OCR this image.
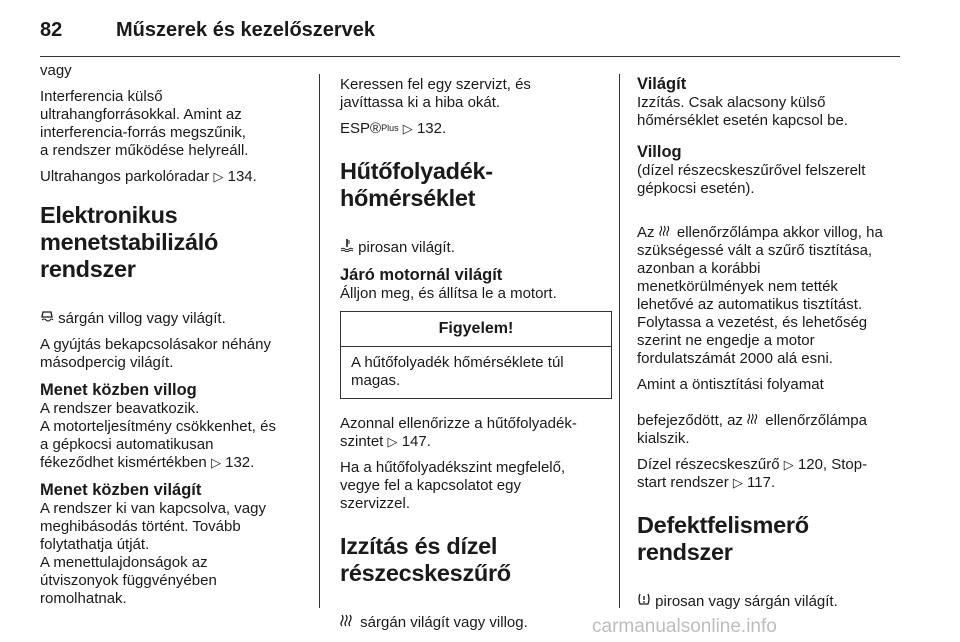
82	Műszerek és kezelőszervek

vagy

Interferencia külső
ultrahangforrásokkal. Amint az
interferencia-forrás megszűnik,
a rendszer működése helyreáll.

Ultrahangos parkolóradar ▷ 134.

Elektronikus
menetstabilizáló rendszer

sárgán villog vagy világít.

A gyújtás bekapcsolásakor néhány
másodpercig világít.

Menet közben villog

A rendszer beavatkozik.
A motorteljesítmény csökkenhet, és
a gépkocsi automatikusan
fékeződhet kismértékben ▷ 132.

Menet közben világít

A rendszer ki van kapcsolva, vagy
meghibásodás történt. Tovább
folytathatja útját.
A menettulajdonságok az
útviszonyok függvényében
romolhatnak.

Keressen fel egy szervizt, és
javíttassa ki a hiba okát.

ESP®$^{Plus}$ ▷ 132.

Hűtőfolyadék-hőmérséklet

pirosan világít.

Járó motornál világít

Álljon meg, és állítsa le a motort.

Figyelem!
A hűtőfolyadék hőmérséklete túl
magas.

Azonnal ellenőrizze a hűtőfolyadék-
szintet ▷ 147.

Ha a hűtőfolyadékszint megfelelő,
vegye fel a kapcsolatot egy
szervizzel.

Izzítás és dízel
részecskeszűrő

sárgán világít vagy villog.

Világít

Izzítás. Csak alacsony külső
hőmérséklet esetén kapcsol be.

Villog

(dízel részecskeszűrővel felszerelt
gépkocsi esetén).

Az
ellenőrzőlámpa akkor villog, ha
szükségessé vált a szűrő tisztítása,
azonban a korábbi
menetkörülmények nem tették
lehetővé az automatikus tisztítást.
Folytassa a vezetést, és lehetőség
szerint ne engedje a motor
fordulatszámát 2000 alá esni.

Amint a öntisztítási folyamat
befejeződött, az
ellenőrzőlámpa
kialszik.

Dízel részecskeszűrő ▷ 120, Stop-
start rendszer ▷ 117.

Defektfelismerő rendszer

pirosan vagy sárgán világít.

carmanualsonline.info
